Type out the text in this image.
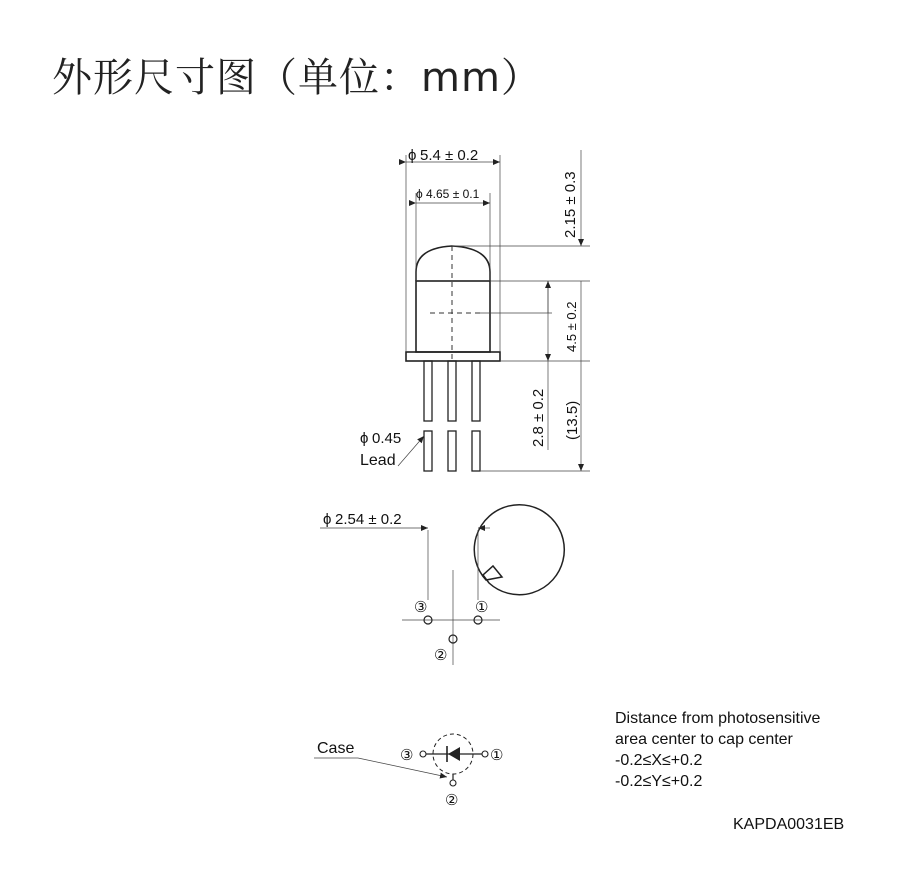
外形尺寸图（单位：mm）
ϕ 5.4 ± 0.2
ϕ 4.65 ± 0.1	2.15 ± 0.3
4.5 ± 0.2
2.8 ± 0.2 (13.5)
ϕ 0.45
Lead
ϕ 2.54 ± 0.2
③	①
②
③	①
②
Case
Distance from photosensitive
area center to cap center
-0.2≤X≤+0.2
-0.2≤Y≤+0.2
KAPDA0031EB
